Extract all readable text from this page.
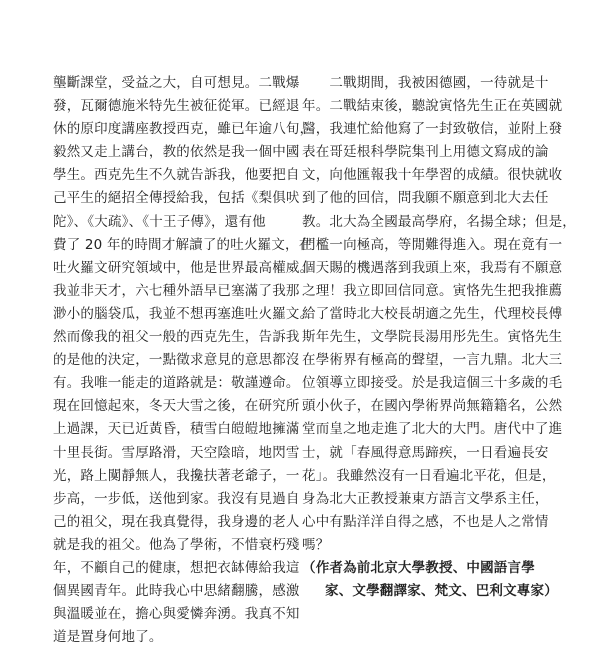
壟斷課堂，受益之大，自可想見。二戰爆
發，瓦爾德施米特先生被征從軍。已經退
休的原印度講座教授西克，雖已年逾八旬，
毅然又走上講台，教的依然是我一個中國
學生。西克先生不久就告訴我，他要把自
己平生的絕招全傳授給我，包括《梨俱吠
陀》、《大疏》、《十王子傳》，還有他
費了 20 年的時間才解讀了的吐火羅文，在
吐火羅文研究領域中，他是世界最高權威。
我並非天才，六七種外語早已塞滿了我那
渺小的腦袋瓜，我並不想再塞進吐火羅文。
然而像我的祖父一般的西克先生，告訴我
的是他的決定，一點徵求意見的意思都沒
有。我唯一能走的道路就是：敬謹遵命。
現在回憶起來，冬天大雪之後，在研究所
上過課，天已近黃昏，積雪白皚皚地擁滿
十里長街。雪厚路滑，天空陰暗，地閃雪
光，路上闃靜無人，我攙扶著老爺子，一
步高，一步低，送他到家。我沒有見過自
己的祖父，現在我真覺得，我身邊的老人
就是我的祖父。他為了學術，不惜衰朽殘
年，不顧自己的健康，想把衣缽傳給我這
個異國青年。此時我心中思緒翻騰，感激
與溫暖並在，擔心與愛憐奔湧。我真不知
道是置身何地了。
　　二戰期間，我被困德國，一待就是十
年。二戰結束後，聽說寅恪先生正在英國就
醫，我連忙給他寫了一封致敬信，並附上發
表在哥廷根科學院集刊上用德文寫成的論
文，向他匯報我十年學習的成績。很快就收
到了他的回信，問我願不願意到北大去任
教。北大為全國最高學府，名揚全球；但是，
門檻一向極高，等閒難得進入。現在竟有一
個天賜的機遇落到我頭上來，我焉有不願意
之理！我立即回信同意。寅恪先生把我推薦
給了當時北大校長胡適之先生，代理校長傅
斯年先生，文學院長湯用彤先生。寅恪先生
在學術界有極高的聲望，一言九鼎。北大三
位領導立即接受。於是我這個三十多歲的毛
頭小伙子，在國內學術界尚無籍籍名，公然
堂而皇之地走進了北大的大門。唐代中了進
士，就「春風得意馬蹄疾，一日看遍長安
花」。我雖然沒有一日看遍北平花，但是，
身為北大正教授兼東方語言文學系主任，
心中有點洋洋自得之感，不也是人之常情
嗎？
（作者為前北京大學教授、中國語言學
家、文學翻譯家、梵文、巴利文專家）
